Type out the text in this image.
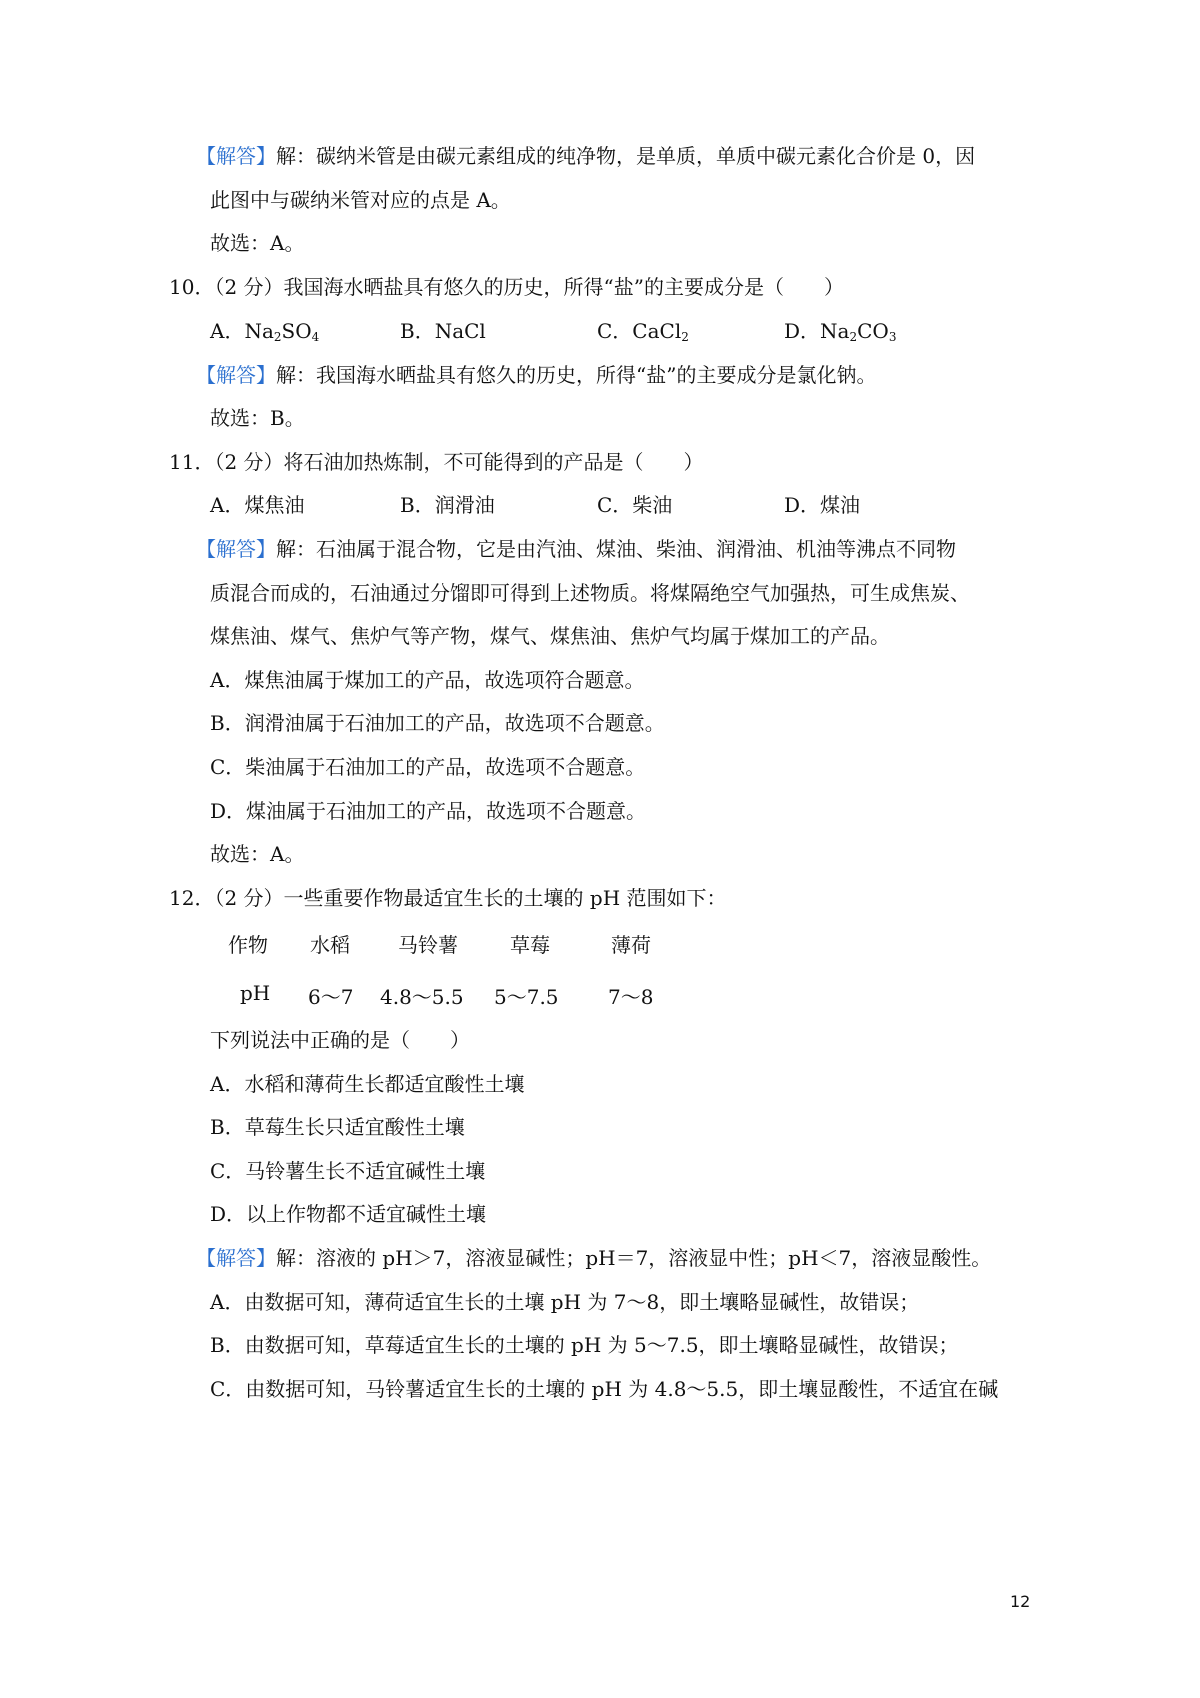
【解答】解：碳纳米管是由碳元素组成的纯净物，是单质，单质中碳元素化合价是 0，因
此图中与碳纳米管对应的点是 A。
故选：A。
10．（2 分）我国海水晒盐具有悠久的历史，所得“盐”的主要成分是（　　）
A．$Na_2SO_4$	B．NaCl	C．CaCl$_2$	D．$Na_2CO_3$
【解答】解：我国海水晒盐具有悠久的历史，所得“盐”的主要成分是氯化钠。
故选：B。
11．（2 分）将石油加热炼制，不可能得到的产品是（　　）
A．煤焦油	B．润滑油	C．柴油	D．煤油
【解答】解：石油属于混合物，它是由汽油、煤油、柴油、润滑油、机油等沸点不同物
质混合而成的，石油通过分馏即可得到上述物质。将煤隔绝空气加强热，可生成焦炭、
煤焦油、煤气、焦炉气等产物，煤气、煤焦油、焦炉气均属于煤加工的产品。
A．煤焦油属于煤加工的产品，故选项符合题意。
B．润滑油属于石油加工的产品，故选项不合题意。
C．柴油属于石油加工的产品，故选项不合题意。
D．煤油属于石油加工的产品，故选项不合题意。
故选：A。
12．（2 分）一些重要作物最适宜生长的土壤的 pH 范围如下：
作物 水稻 马铃薯	草莓	薄荷
pH 6～7 4.8～5.5 5～7.5 7～8
下列说法中正确的是（　　）
A．水稻和薄荷生长都适宜酸性土壤
B．草莓生长只适宜酸性土壤
C．马铃薯生长不适宜碱性土壤
D．以上作物都不适宜碱性土壤
【解答】解：溶液的 pH＞7，溶液显碱性；pH＝7，溶液显中性；pH＜7，溶液显酸性。
A．由数据可知，薄荷适宜生长的土壤 pH 为 7～8，即土壤略显碱性，故错误；
B．由数据可知，草莓适宜生长的土壤的 pH 为 5～7.5，即土壤略显碱性，故错误；
C．由数据可知，马铃薯适宜生长的土壤的 pH 为 4.8～5.5，即土壤显酸性，不适宜在碱
12
